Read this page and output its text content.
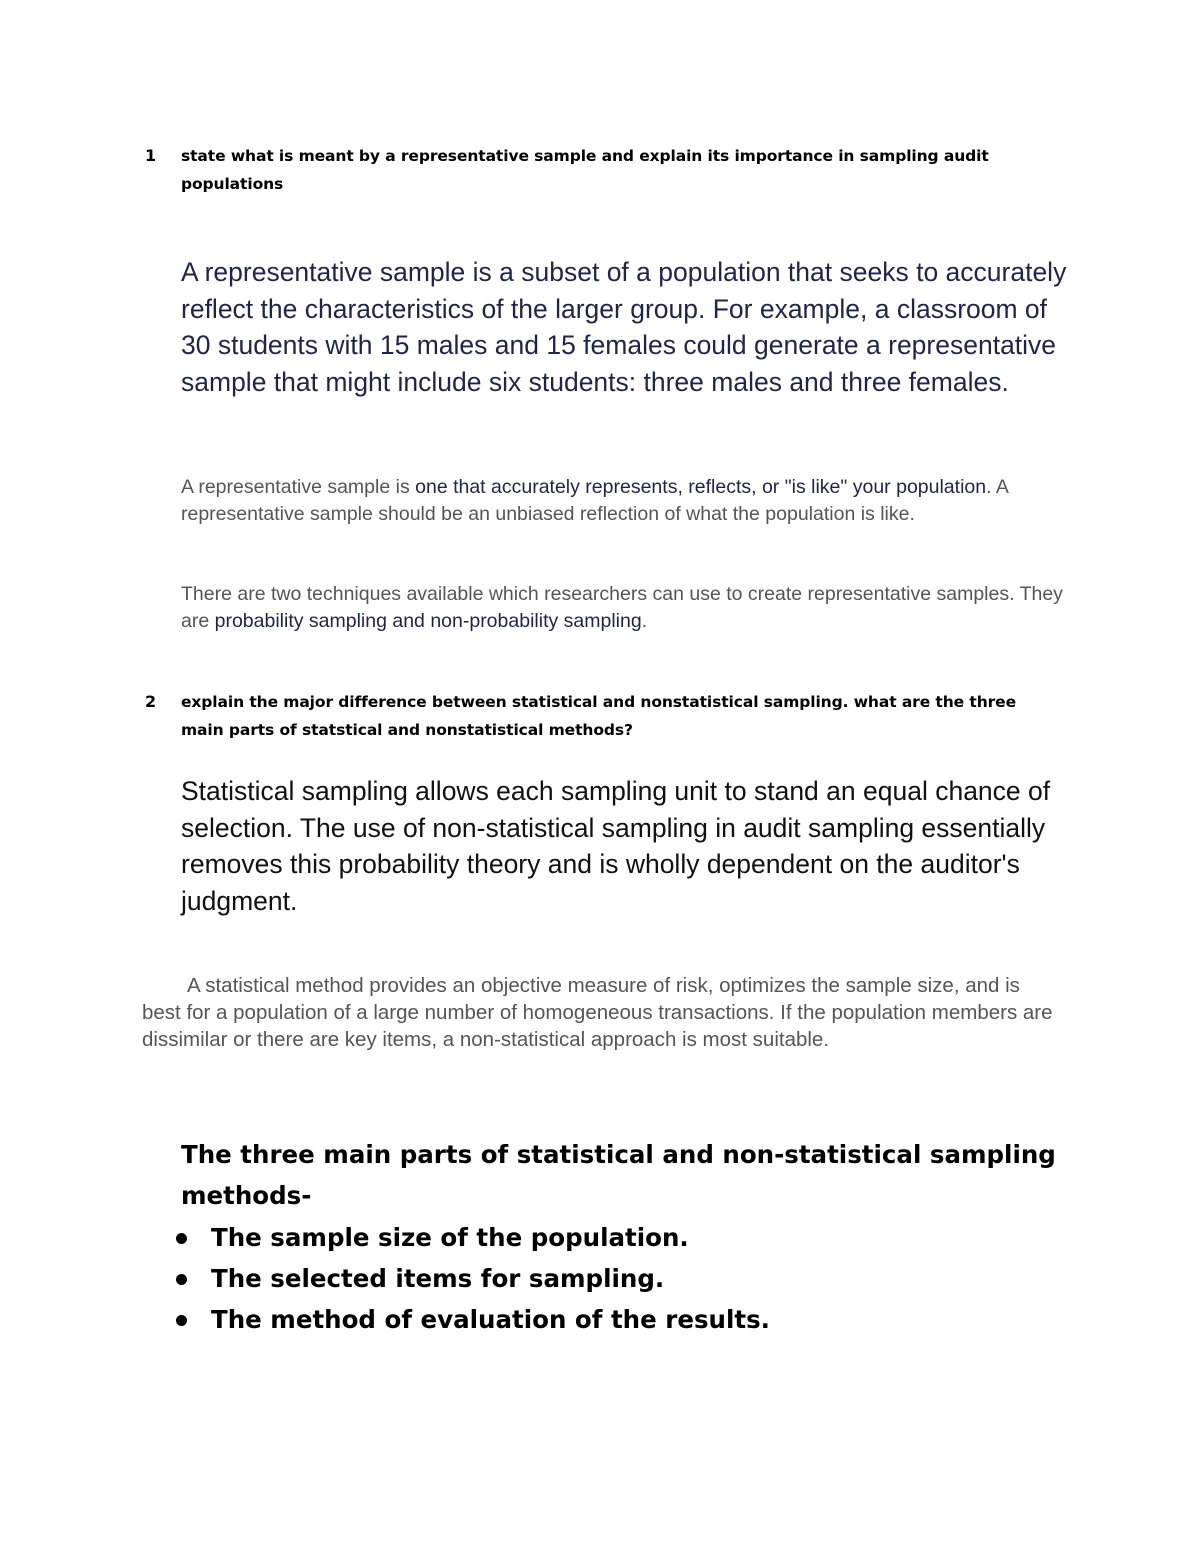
1 state what is meant by a representative sample and explain its importance in sampling audit populations
A representative sample is a subset of a population that seeks to accurately reflect the characteristics of the larger group. For example, a classroom of 30 students with 15 males and 15 females could generate a representative sample that might include six students: three males and three females.
A representative sample is one that accurately represents, reflects, or "is like" your population. A representative sample should be an unbiased reflection of what the population is like.
There are two techniques available which researchers can use to create representative samples. They are probability sampling and non-probability sampling.
2 explain the major difference between statistical and nonstatistical sampling. what are the three main parts of statstical and nonstatistical methods?
Statistical sampling allows each sampling unit to stand an equal chance of selection. The use of non-statistical sampling in audit sampling essentially removes this probability theory and is wholly dependent on the auditor's judgment.
A statistical method provides an objective measure of risk, optimizes the sample size, and is best for a population of a large number of homogeneous transactions. If the population members are dissimilar or there are key items, a non-statistical approach is most suitable.
The three main parts of statistical and non-statistical sampling methods-
The sample size of the population.
The selected items for sampling.
The method of evaluation of the results.
